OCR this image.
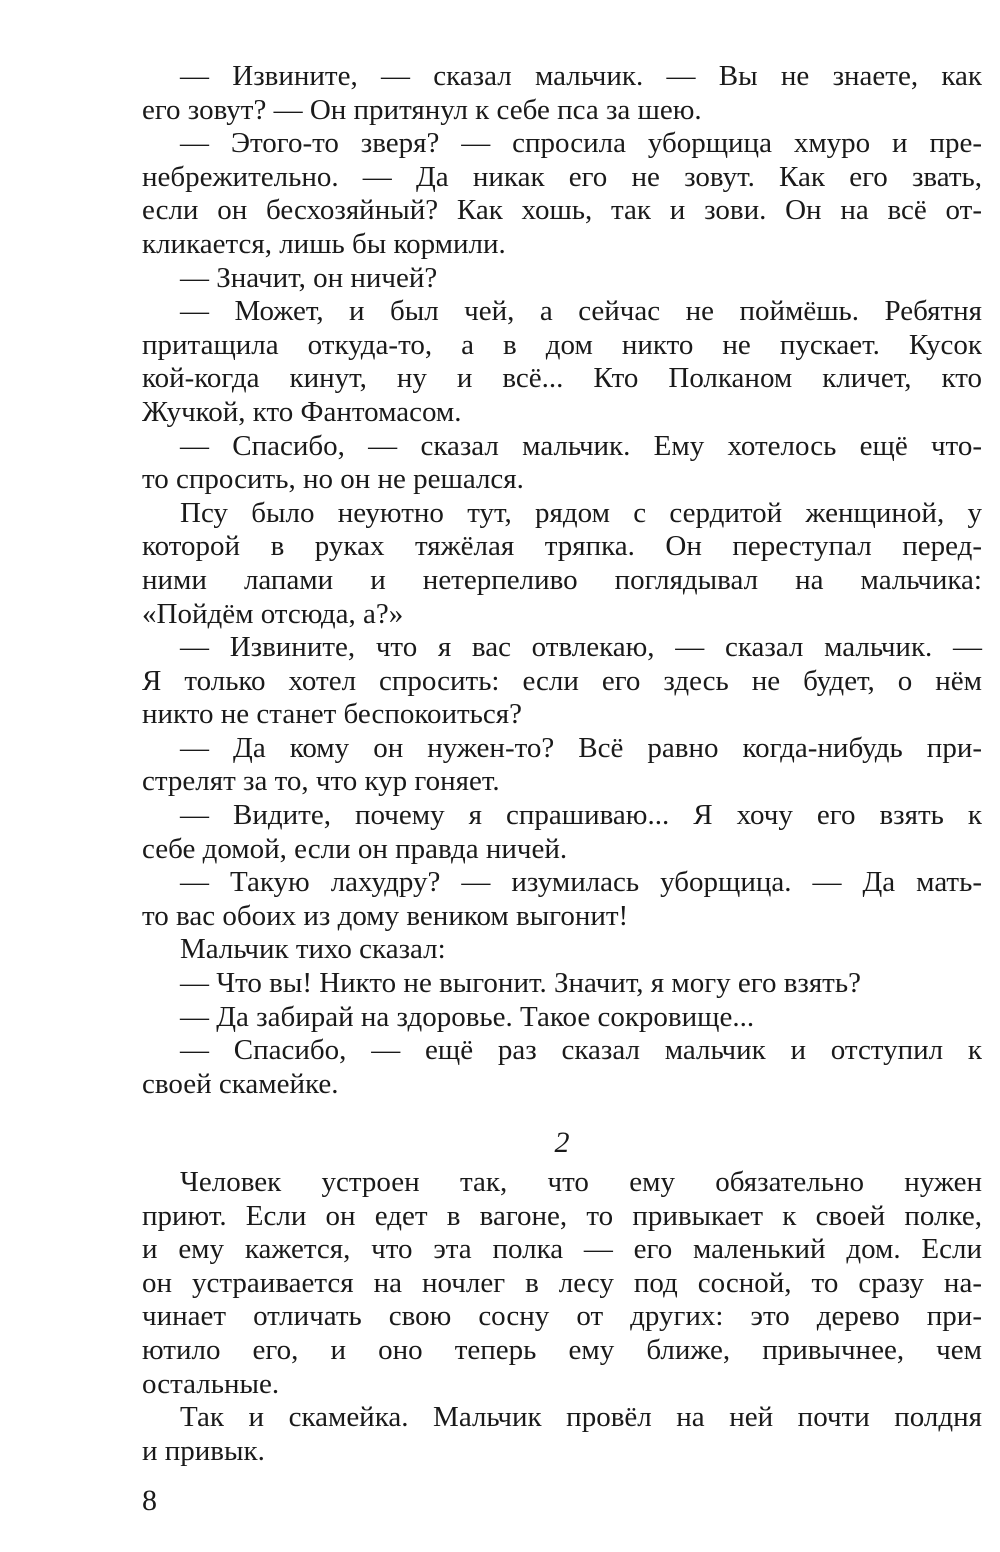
— Извините, — сказал мальчик. — Вы не знаете, как
его зовут? — Он притянул к себе пса за шею.
— Этого-то зверя? — спросила уборщица хмуро и пре-
небрежительно. — Да никак его не зовут. Как его звать,
если он бесхозяйный? Как хошь, так и зови. Он на всё от-
кликается, лишь бы кормили.
— Значит, он ничей?
— Может, и был чей, а сейчас не поймёшь. Ребятня
притащила откуда-то, а в дом никто не пускает. Кусок
кой-когда кинут, ну и всё... Кто Полканом кличет, кто
Жучкой, кто Фантомасом.
— Спасибо, — сказал мальчик. Ему хотелось ещё что-
то спросить, но он не решался.
Псу было неуютно тут, рядом с сердитой женщиной, у
которой в руках тяжёлая тряпка. Он переступал перед-
ними лапами и нетерпеливо поглядывал на мальчика:
«Пойдём отсюда, а?»
— Извините, что я вас отвлекаю, — сказал мальчик. —
Я только хотел спросить: если его здесь не будет, о нём
никто не станет беспокоиться?
— Да кому он нужен-то? Всё равно когда-нибудь при-
стрелят за то, что кур гоняет.
— Видите, почему я спрашиваю... Я хочу его взять к
себе домой, если он правда ничей.
— Такую лахудру? — изумилась уборщица. — Да мать-
то вас обоих из дому веником выгонит!
Мальчик тихо сказал:
— Что вы! Никто не выгонит. Значит, я могу его взять?
— Да забирай на здоровье. Такое сокровище...
— Спасибо, — ещё раз сказал мальчик и отступил к
своей скамейке.
2
Человек устроен так, что ему обязательно нужен
приют. Если он едет в вагоне, то привыкает к своей полке,
и ему кажется, что эта полка — его маленький дом. Если
он устраивается на ночлег в лесу под сосной, то сразу на-
чинает отличать свою сосну от других: это дерево при-
ютило его, и оно теперь ему ближе, привычнее, чем
остальные.
Так и скамейка. Мальчик провёл на ней почти полдня
и привык.
8
